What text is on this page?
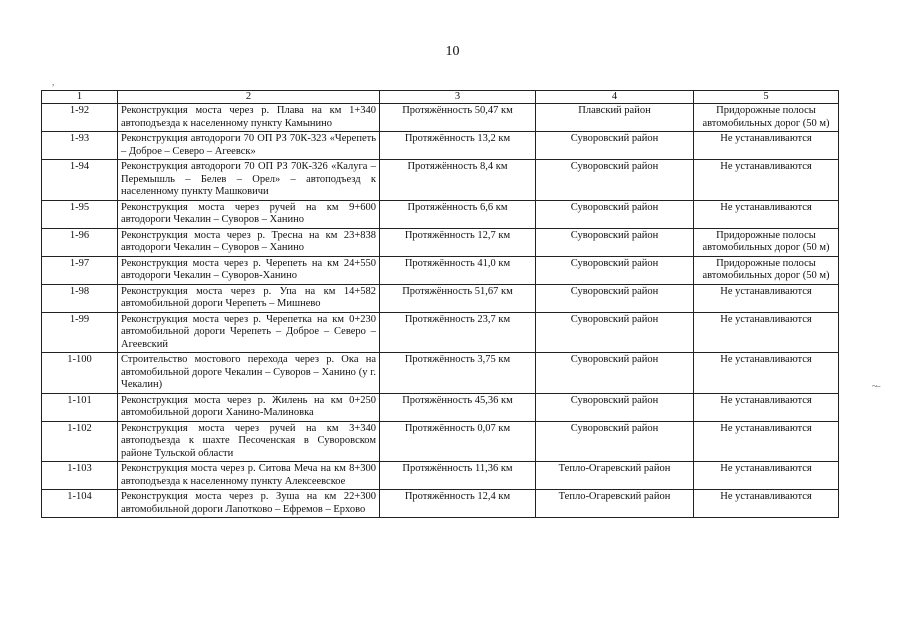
10
,
~–
1	2	3	4	5
1-92	Реконструкция моста через р. Плава на км 1+340 автоподъезда к населенному пункту Камынино	Протяжённость 50,47 км	Плавский район	Придорожные полосы автомобильных дорог (50 м)
1-93	Реконструкция автодороги 70 ОП РЗ 70К-323 «Черепеть – Доброе – Северо – Агеевск»	Протяжённость 13,2 км	Суворовский район	Не устанавливаются
1-94	Реконструкция автодороги 70 ОП РЗ 70К-326 «Калуга – Перемышль – Белев – Орел» – автоподъезд к населенному пункту Машковичи	Протяжённость 8,4 км	Суворовский район	Не устанавливаются
1-95	Реконструкция моста через ручей на км 9+600 автодороги Чекалин – Суворов – Ханино	Протяжённость 6,6 км	Суворовский район	Не устанавливаются
1-96	Реконструкция моста через р. Тресна на км 23+838 автодороги Чекалин – Суворов – Ханино	Протяжённость 12,7 км	Суворовский район	Придорожные полосы автомобильных дорог (50 м)
1-97	Реконструкция моста через р. Черепеть на км 24+550 автодороги Чекалин – Суворов-Ханино	Протяжённость 41,0 км	Суворовский район	Придорожные полосы автомобильных дорог (50 м)
1-98	Реконструкция моста через р. Упа на км 14+582 автомобильной дороги Черепеть – Мишнево	Протяжённость 51,67 км	Суворовский район	Не устанавливаются
1-99	Реконструкция моста через р. Черепетка на км 0+230 автомобильной дороги Черепеть – Доброе – Северо – Агеевский	Протяжённость 23,7 км	Суворовский район	Не устанавливаются
1-100	Строительство мостового перехода через р. Ока на автомобильной дороге Чекалин – Суворов – Ханино (у г. Чекалин)	Протяжённость 3,75 км	Суворовский район	Не устанавливаются
1-101	Реконструкция моста через р. Жилень на км 0+250 автомобильной дороги Ханино-Малиновка	Протяжённость 45,36 км	Суворовский район	Не устанавливаются
1-102	Реконструкция моста через ручей на км 3+340 автоподъезда к шахте Песоченская в Суворовском районе Тульской области	Протяжённость 0,07 км	Суворовский район	Не устанавливаются
1-103	Реконструкция моста через р. Ситова Меча на км 8+300 автоподъезда к населенному пункту Алексеевское	Протяжённость 11,36 км	Тепло-Огаревский район	Не устанавливаются
1-104	Реконструкция моста через р. Зуша на км 22+300 автомобильной дороги Лапотково – Ефремов – Ерхово	Протяжённость 12,4 км	Тепло-Огаревский район	Не устанавливаются
